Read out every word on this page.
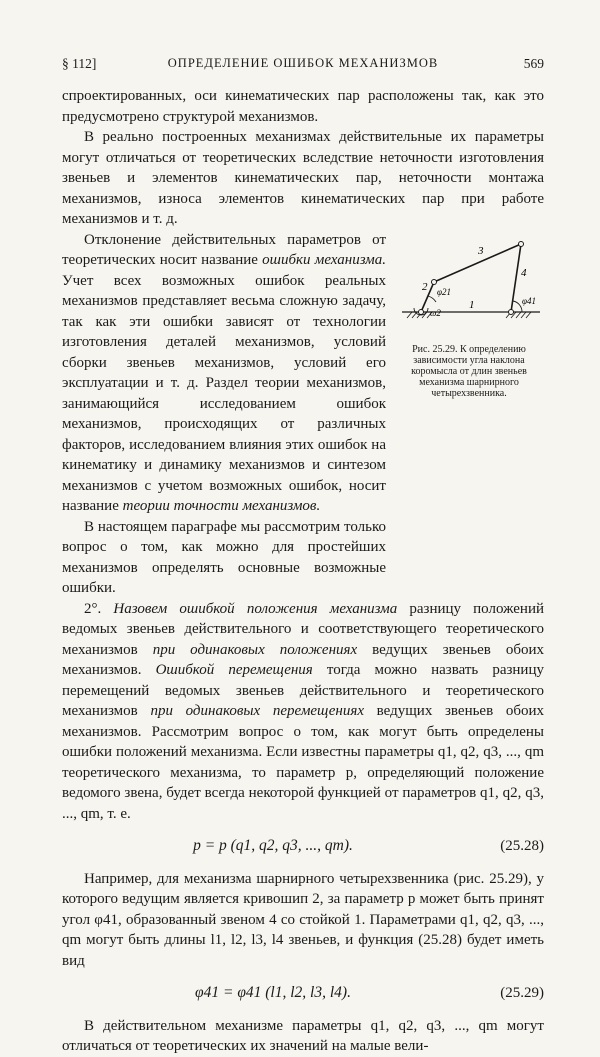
§ 112]	ОПРЕДЕЛЕНИЕ ОШИБОК МЕХАНИЗМОВ	569

спроектированных, оси кинематических пар расположены так, как это предусмотрено структурой механизмов.

В реально построенных механизмах действительные их параметры могут отличаться от теоретических вследствие неточности изготовления звеньев и элементов кинематических пар, неточности монтажа механизмов, износа элементов кинематических пар при работе механизмов и т. д.

Отклонение действительных параметров от теоретических носит название ошибки механизма. Учет всех возможных ошибок реальных механизмов представляет весьма сложную задачу, так как эти ошибки зависят от технологии изготовления деталей механизмов, условий сборки звеньев механизмов, условий его эксплуатации и т. д. Раздел теории механизмов, занимающийся исследованием ошибок механизмов, происходящих от различных факторов, исследованием влияния этих ошибок на кинематику и динамику механизмов и синтезом механизмов с учетом возможных ошибок, носит название теории точности механизмов.

В настоящем параграфе мы рассмотрим только вопрос о том, как можно для простейших механизмов определять основные возможные ошибки.

2
3
4
1
φ21
φ41
ω2
Рис. 25.29. К определению зависимости угла наклона коромысла от длин звеньев механизма шарнирного четырехзвенника.

2°. Назовем ошибкой положения механизма разницу положений ведомых звеньев действительного и соответствующего теоретического механизмов при одинаковых положениях ведущих звеньев обоих механизмов. Ошибкой перемещения тогда можно назвать разницу перемещений ведомых звеньев действительного и теоретического механизмов при одинаковых перемещениях ведущих звеньев обоих механизмов. Рассмотрим вопрос о том, как могут быть определены ошибки положений механизма. Если известны параметры q1, q2, q3, ..., qm теоретического механизма, то параметр p, определяющий положение ведомого звена, будет всегда некоторой функцией от параметров q1, q2, q3, ..., qm, т. е.

p = p (q1, q2, q3, ..., qm).	(25.28)

Например, для механизма шарнирного четырехзвенника (рис. 25.29), у которого ведущим является кривошип 2, за параметр p может быть принят угол φ41, образованный звеном 4 со стойкой 1. Параметрами q1, q2, q3, ..., qm могут быть длины l1, l2, l3, l4 звеньев, и функция (25.28) будет иметь вид

φ41 = φ41 (l1, l2, l3, l4).	(25.29)

В действительном механизме параметры q1, q2, q3, ..., qm могут отличаться от теоретических их значений на малые вели-
